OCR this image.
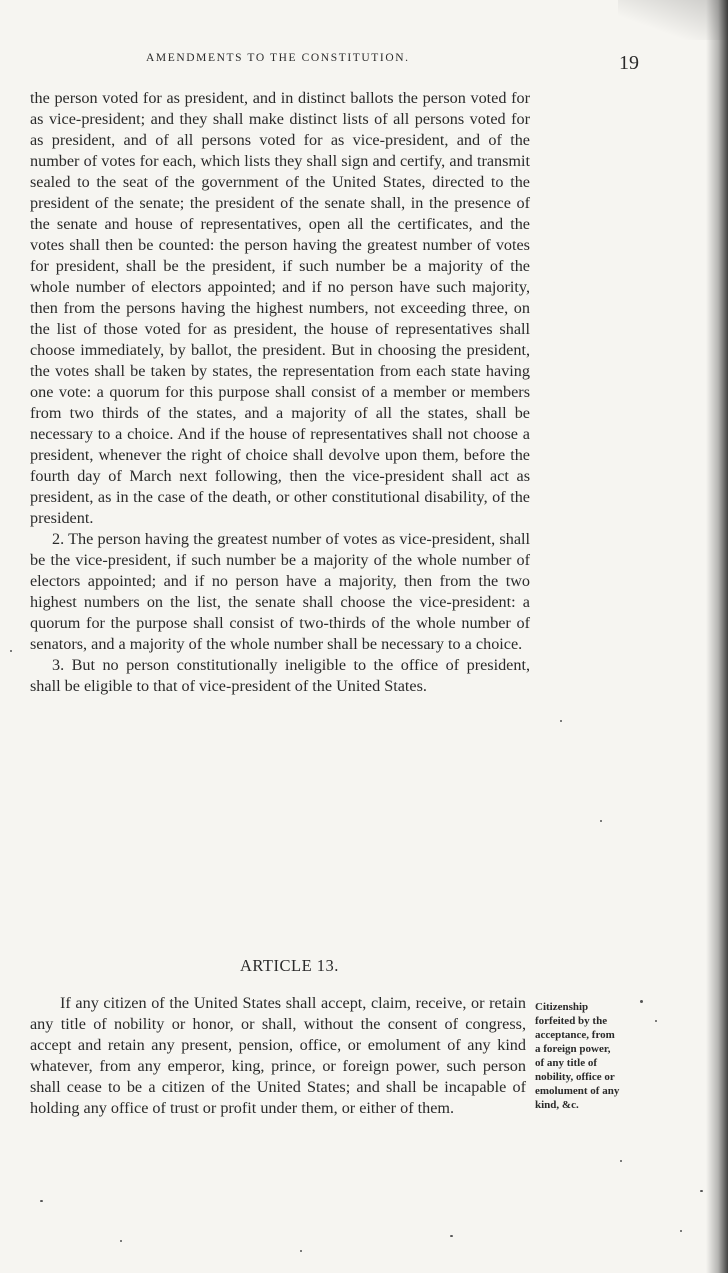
AMENDMENTS TO THE CONSTITUTION.	19

the person voted for as president, and in distinct ballots the person voted for as vice-president; and they shall make distinct lists of all persons voted for as president, and of all persons voted for as vice-president, and of the number of votes for each, which lists they shall sign and certify, and transmit sealed to the seat of the government of the United States, directed to the president of the senate; the president of the senate shall, in the presence of the senate and house of representatives, open all the certificates, and the votes shall then be counted: the person having the greatest number of votes for president, shall be the president, if such number be a majority of the whole number of electors appointed; and if no person have such majority, then from the persons having the highest numbers, not exceeding three, on the list of those voted for as president, the house of representatives shall choose immediately, by ballot, the president. But in choosing the president, the votes shall be taken by states, the representation from each state having one vote: a quorum for this purpose shall consist of a member or members from two thirds of the states, and a majority of all the states, shall be necessary to a choice. And if the house of representatives shall not choose a president, whenever the right of choice shall devolve upon them, before the fourth day of March next following, then the vice-president shall act as president, as in the case of the death, or other constitutional disability, of the president.

2. The person having the greatest number of votes as vice-president, shall be the vice-president, if such number be a majority of the whole number of electors appointed; and if no person have a majority, then from the two highest numbers on the list, the senate shall choose the vice-president: a quorum for the purpose shall consist of two-thirds of the whole number of senators, and a majority of the whole number shall be necessary to a choice.

3. But no person constitutionally ineligible to the office of president, shall be eligible to that of vice-president of the United States.

ARTICLE 13.

If any citizen of the United States shall accept, claim, receive, or retain any title of nobility or honor, or shall, without the consent of congress, accept and retain any present, pension, office, or emolument of any kind whatever, from any emperor, king, prince, or foreign power, such person shall cease to be a citizen of the United States; and shall be incapable of holding any office of trust or profit under them, or either of them.

Citizenship forfeited by the acceptance, from a foreign power, of any title of nobility, office or emolument of any kind, &c.
